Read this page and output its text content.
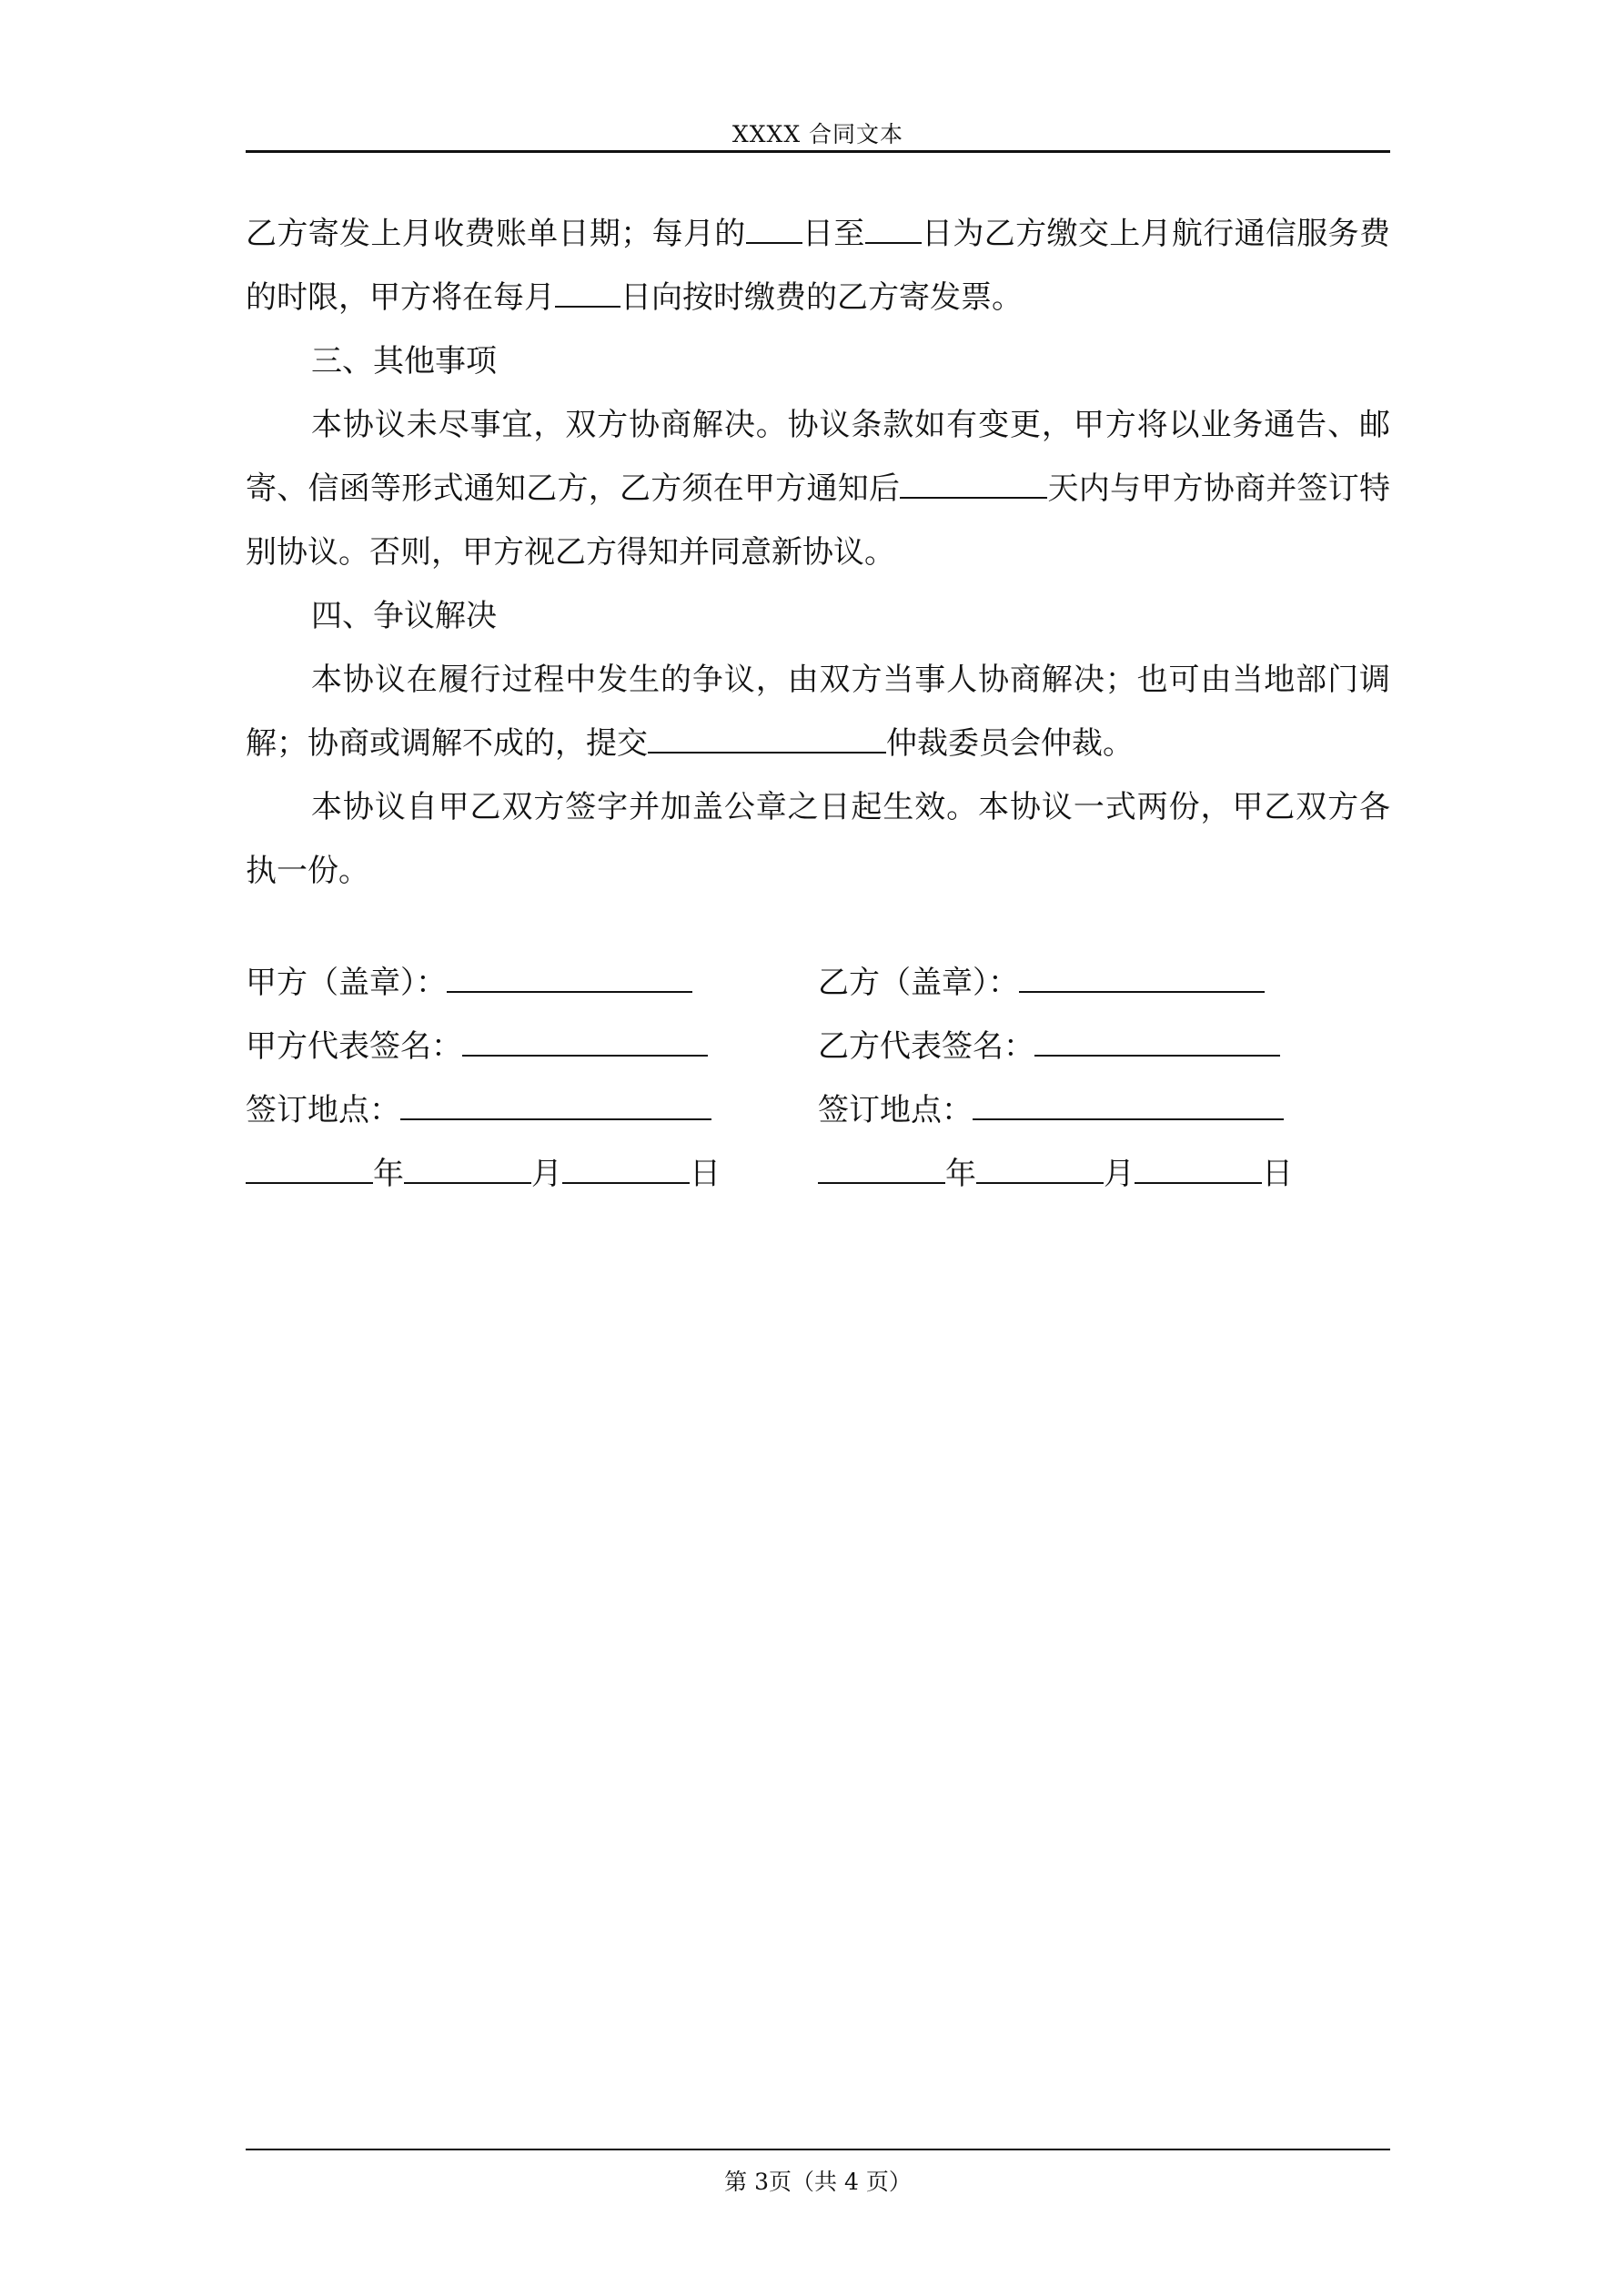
XXXX 合同文本

乙方寄发上月收费账单日期；每月的 日至 日为乙方缴交上月航行通信服务费的时限，甲方将在每月 日向按时缴费的乙方寄发票。

三、其他事项

本协议未尽事宜，双方协商解决。协议条款如有变更，甲方将以业务通告、邮寄、信函等形式通知乙方，乙方须在甲方通知后	天内与甲方协商并签订特别协议。否则，甲方视乙方得知并同意新协议。

四、争议解决

本协议在履行过程中发生的争议，由双方当事人协商解决；也可由当地部门调解；协商或调解不成的，提交	仲裁委员会仲裁。

本协议自甲乙双方签字并加盖公章之日起生效。本协议一式两份，甲乙双方各执一份。

甲方（盖章）：	乙方（盖章）：
甲方代表签名：	乙方代表签名：
签订地点：	签订地点：
年	月	日	年	月	日
第 3页（共 4 页）
